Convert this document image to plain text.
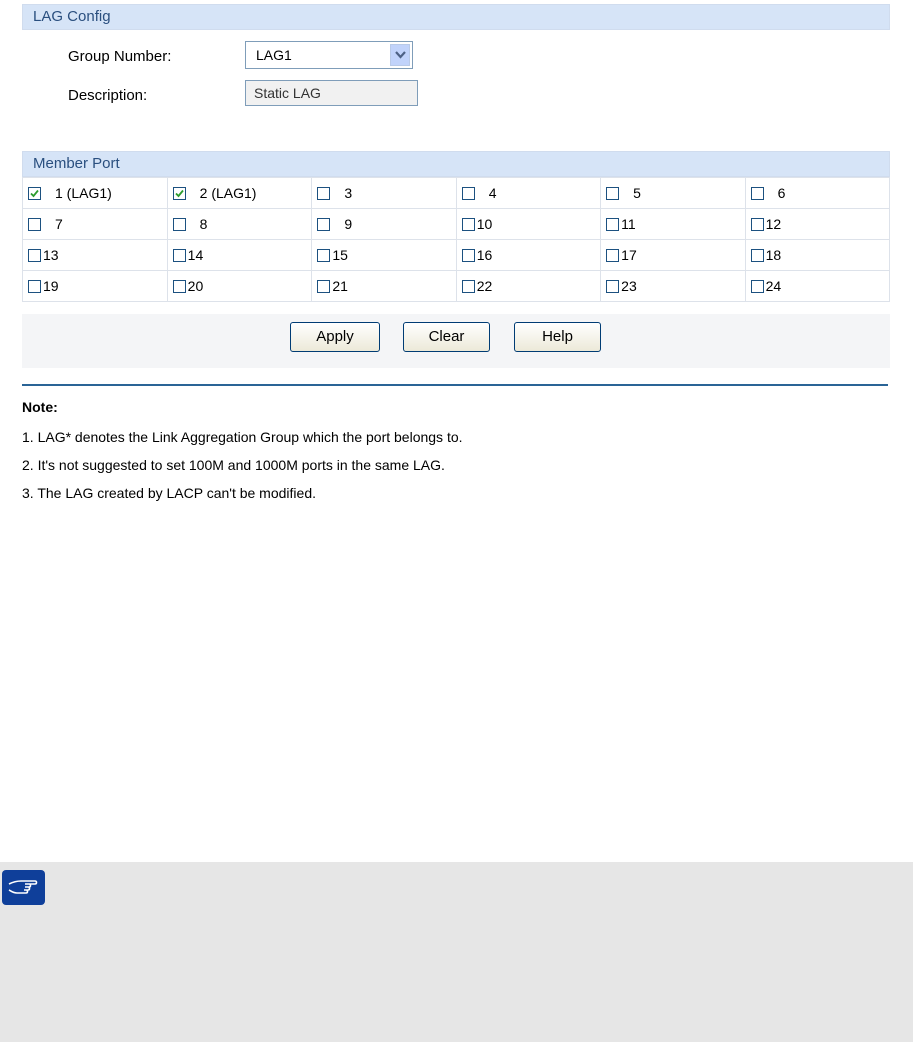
LAG Config
Group Number:	LAG1
Description:	Static LAG
Member Port
1 (LAG1)	2 (LAG1)	3	4	5	6

7	8	9	10	11	12

13	14	15	16	17	18

19	20	21	22	23	24
Apply	Clear	Help
Note:
1. LAG* denotes the Link Aggregation Group which the port belongs to.
2. It's not suggested to set 100M and 1000M ports in the same LAG.
3. The LAG created by LACP can't be modified.
